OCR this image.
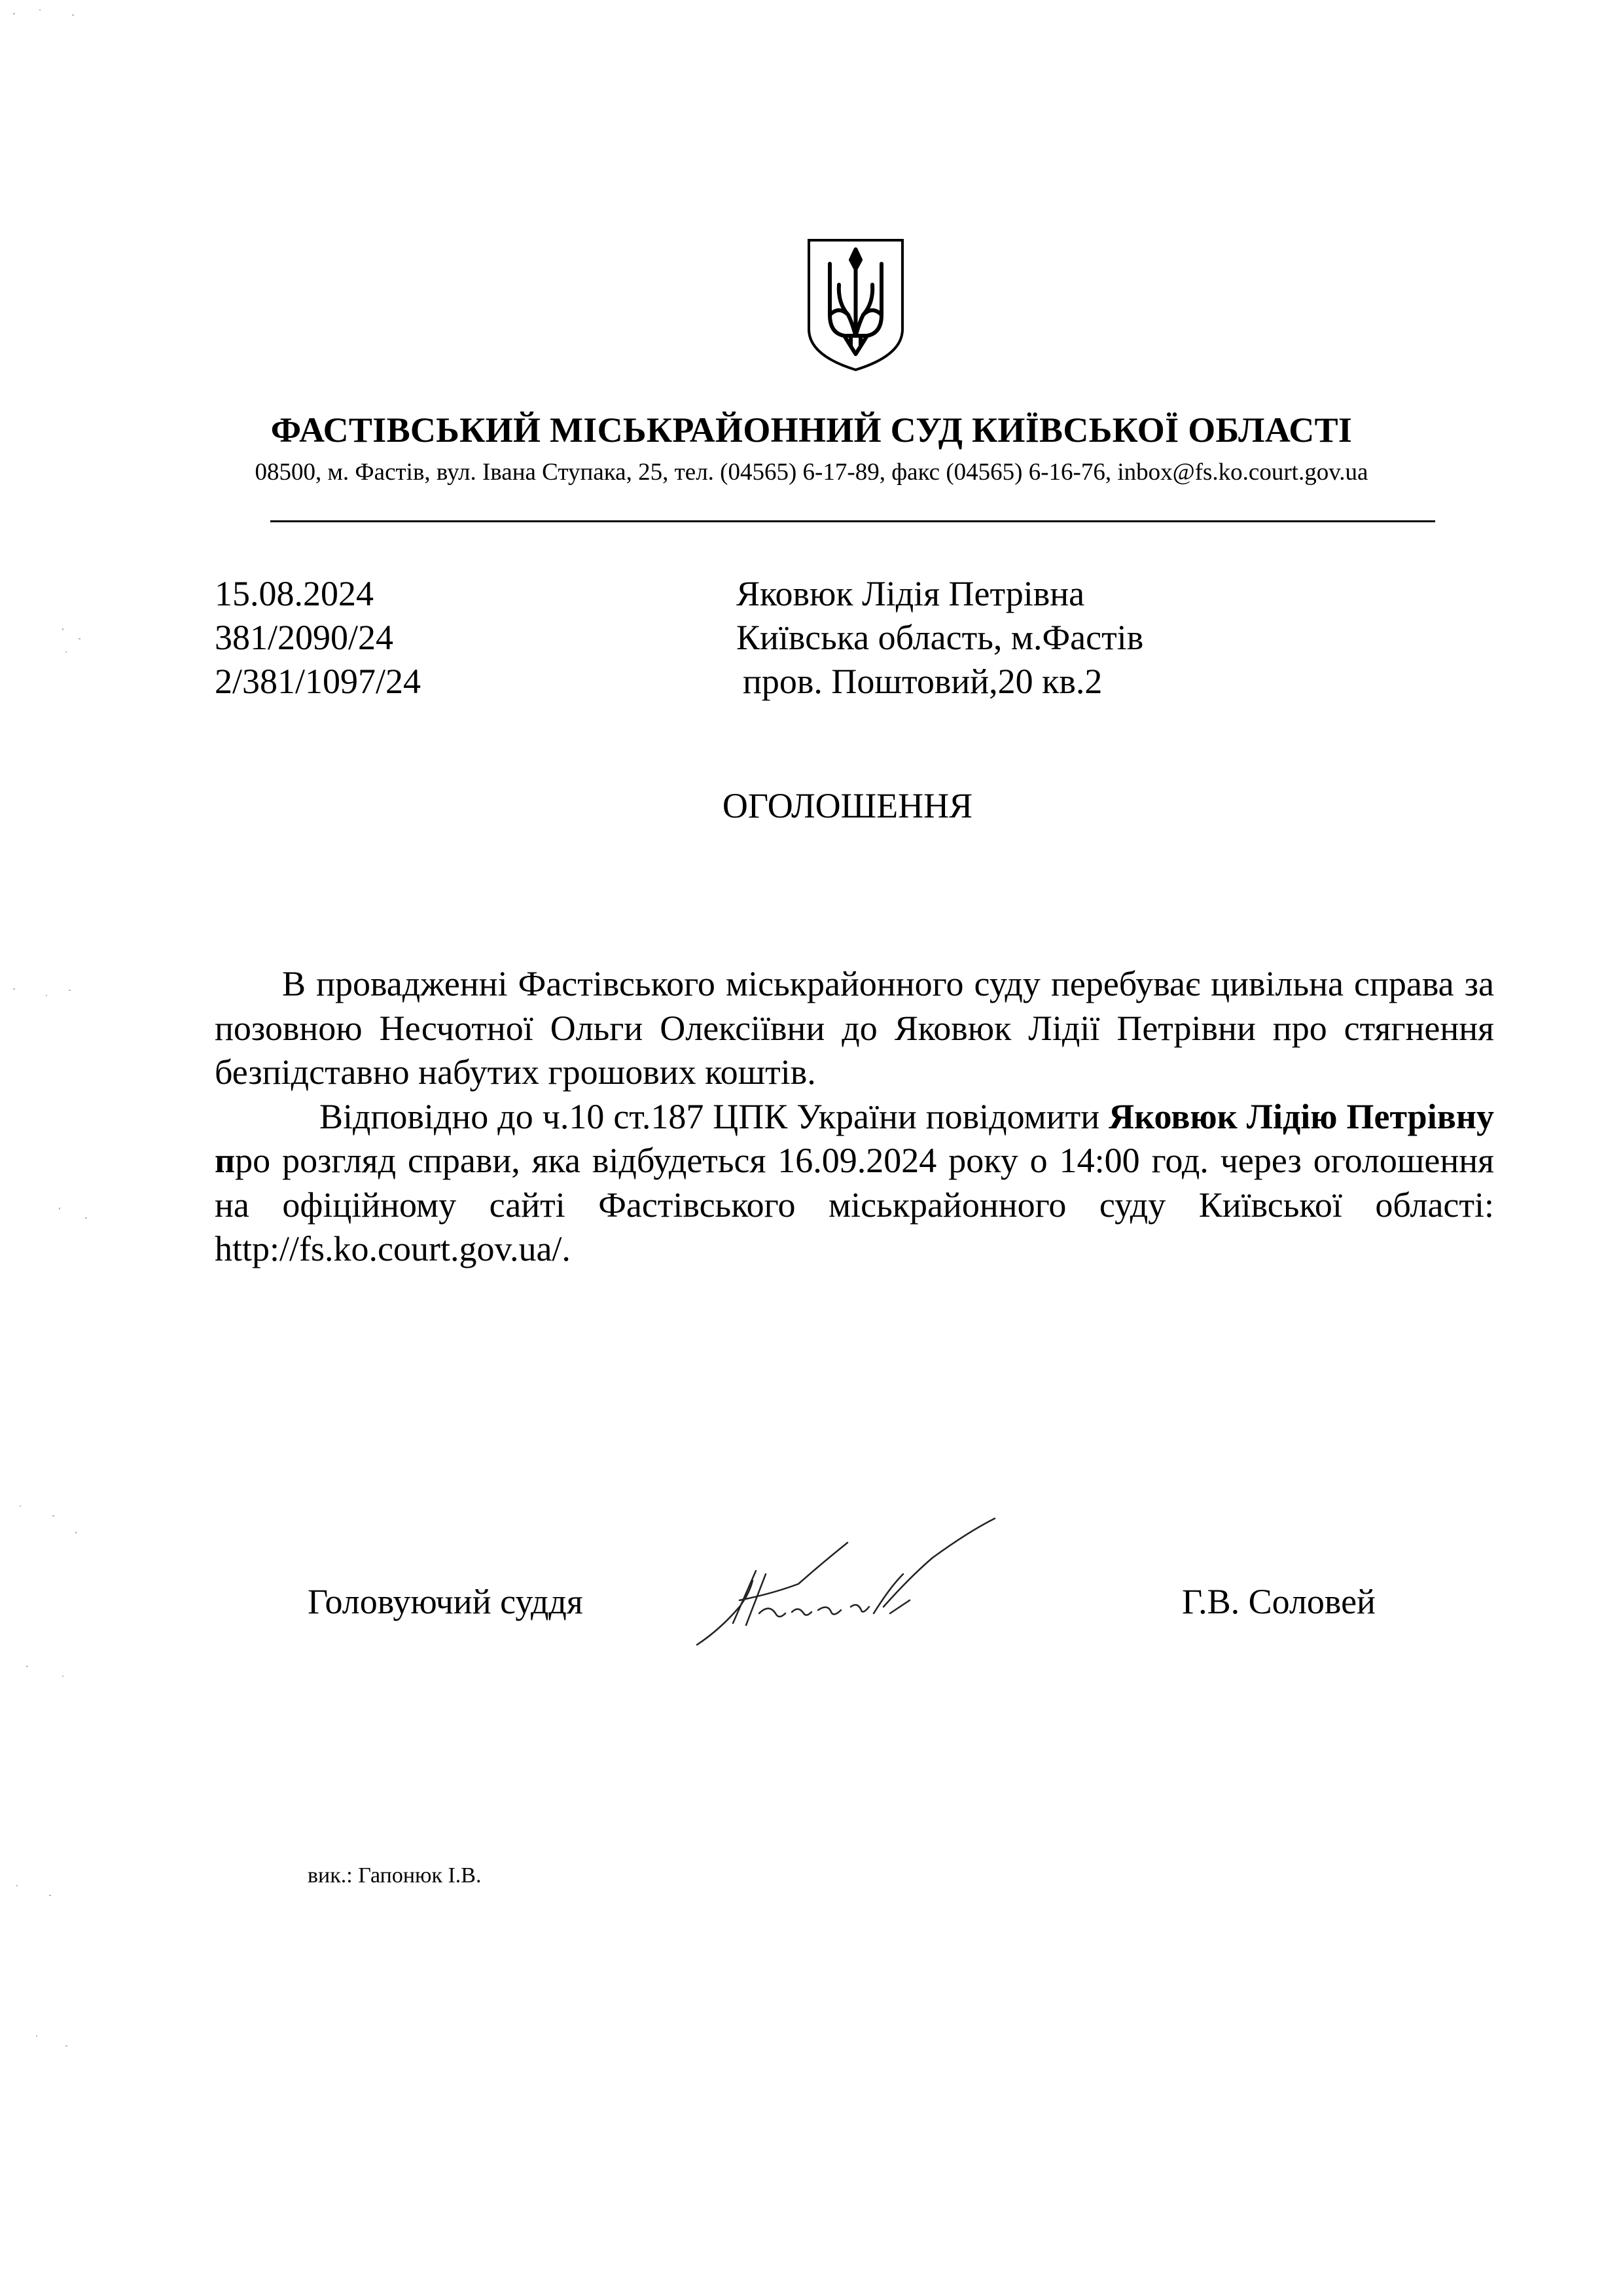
ФАСТІВСЬКИЙ МІСЬКРАЙОННИЙ СУД КИЇВСЬКОЇ ОБЛАСТІ
08500, м. Фастів, вул. Івана Ступака, 25, тел. (04565) 6-17-89, факс (04565) 6-16-76, inbox@fs.ko.court.gov.ua
15.08.2024
381/2090/24
2/381/1097/24
Яковюк Лідія Петрівна
Київська область, м.Фастів
пров. Поштовий,20 кв.2
ОГОЛОШЕННЯ

В провадженні Фастівського міськрайонного суду перебуває цивільна справа за позовною Несчотної Ольги Олексіївни до Яковюк Лідії Петрівни про стягнення безпідставно набутих грошових коштів.

Відповідно до ч.10 ст.187 ЦПК України повідомити Яковюк Лідію Петрівну про розгляд справи, яка відбудеться 16.09.2024 року о 14:00 год. через оголошення на офіційному сайті Фастівського міськрайонного суду Київської області: http://fs.ko.court.gov.ua/.

Головуючий суддя	Г.В. Соловей
вик.: Гапонюк І.В.
